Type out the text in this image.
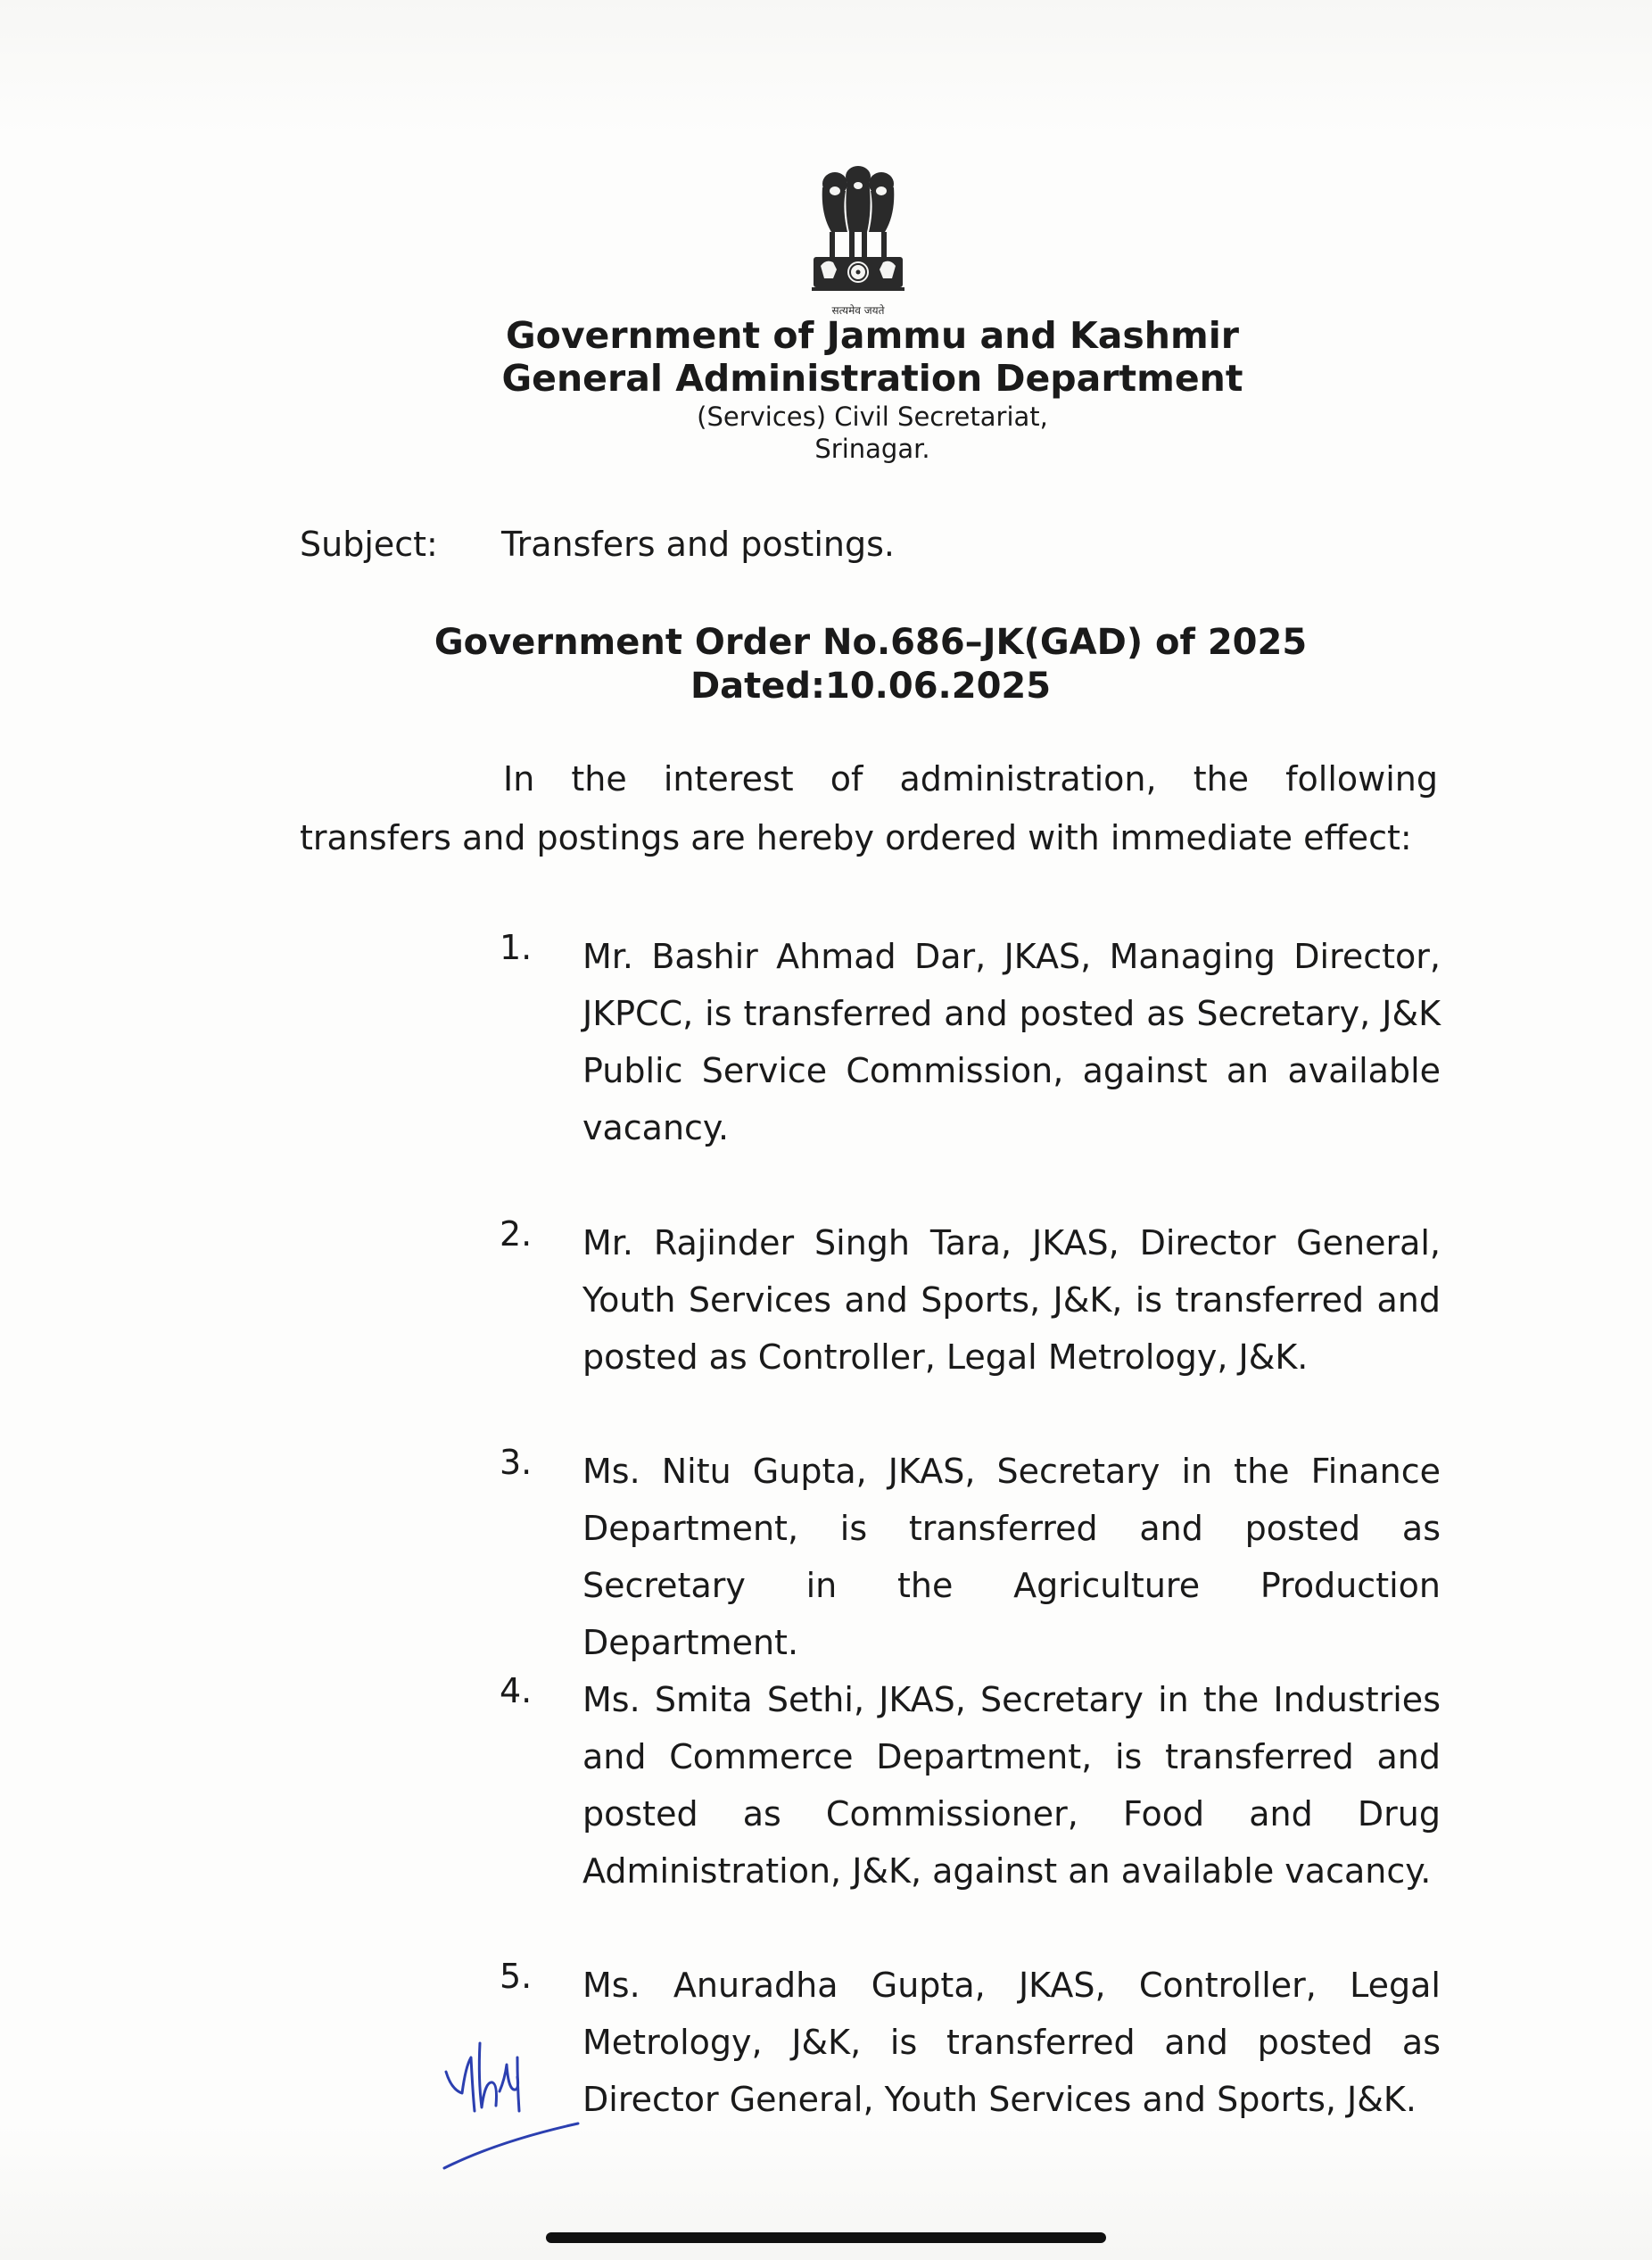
सत्यमेव जयते
Government of Jammu and Kashmir
General Administration Department
(Services) Civil Secretariat,
Srinagar.
Subject: Transfers and postings.
Government Order No.686–JK(GAD) of 2025
Dated:10.06.2025
In the interest of administration, the following transfers and postings are hereby ordered with immediate effect:
1.	Mr. Bashir Ahmad Dar, JKAS, Managing Director, JKPCC, is transferred and posted as Secretary, J&K Public Service Commission, against an available vacancy.
2.	Mr. Rajinder Singh Tara, JKAS, Director General, Youth Services and Sports, J&K, is transferred and posted as Controller, Legal Metrology, J&K.
3.	Ms. Nitu Gupta, JKAS, Secretary in the Finance Department, is transferred and posted as Secretary in the Agriculture Production Department.
4.	Ms. Smita Sethi, JKAS, Secretary in the Industries and Commerce Department, is transferred and posted as Commissioner, Food and Drug Administration, J&K, against an available vacancy.
5.	Ms. Anuradha Gupta, JKAS, Controller, Legal Metrology, J&K, is transferred and posted as Director General, Youth Services and Sports, J&K.
